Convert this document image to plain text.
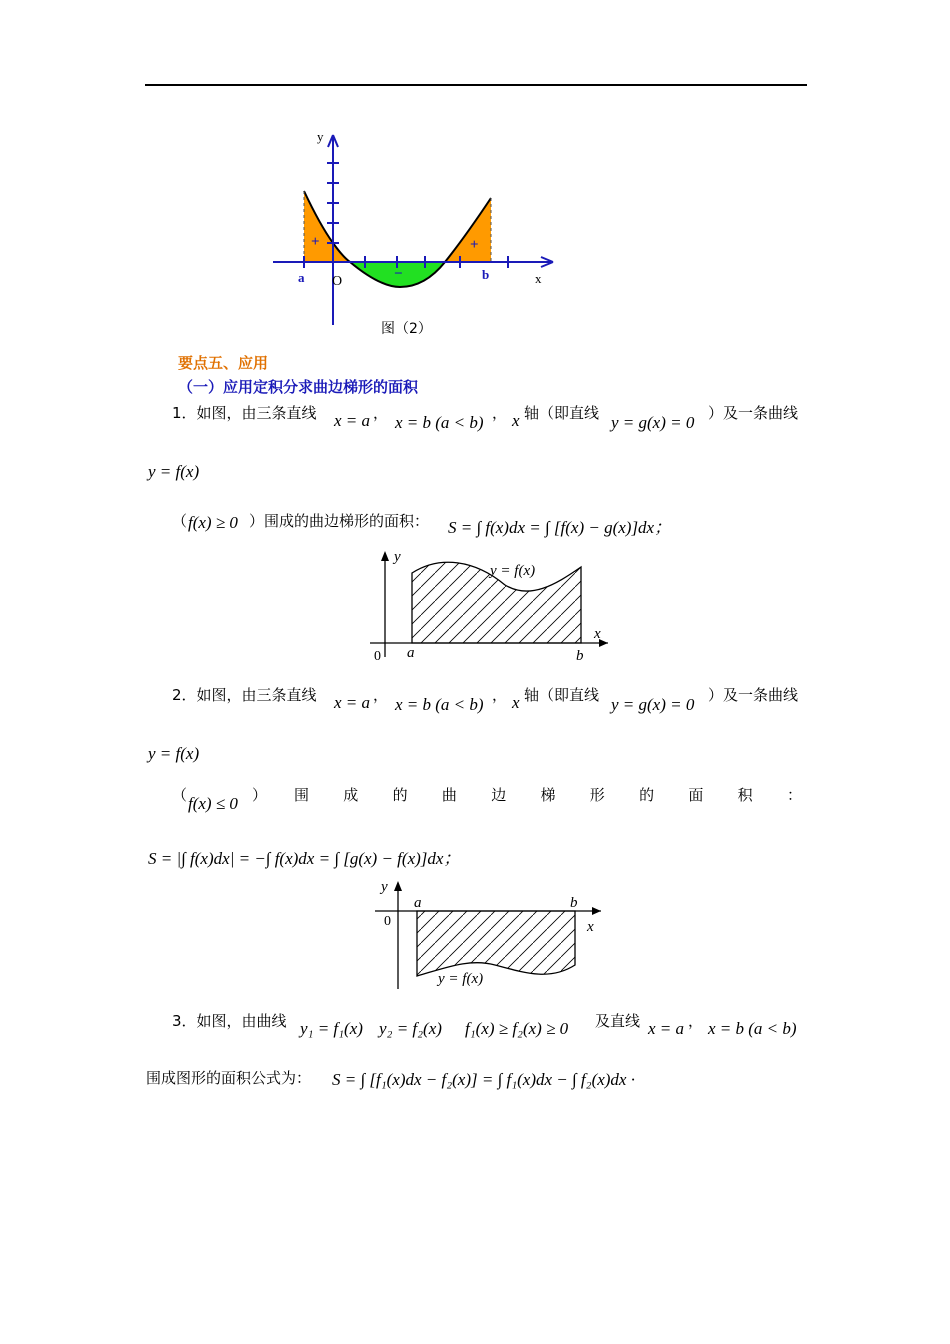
y
x
a	b
O
+	+
−
图（2）
要点五、应用
（一）应用定积分求曲边梯形的面积
1．如图，由三条直线 x = a ， x = b (a < b) ， x 轴（即直线 y = g(x) = 0 ）及一条曲线
y = f(x)
（ f(x) ≥ 0 ）围成的曲边梯形的面积： S = ∫ f(x)dx = ∫ [f(x) − g(x)]dx；
y
x
y = f(x)
0 a	b
2．如图，由三条直线 x = a ， x = b (a < b) ， x 轴（即直线 y = g(x) = 0 ）及一条曲线
y = f(x)
（ f(x) ≤ 0 ） 围 成 的 曲 边 梯 形 的 面 积 ：
S = |∫ f(x)dx| = −∫ f(x)dx = ∫ [g(x) − f(x)]dx；
y
x
y = f(x)
0
a	b
3．如图，由曲线 y₁ = f₁(x) y₂ = f₂(x) f₁(x) ≥ f₂(x) ≥ 0 及直线 x = a ， x = b (a < b)
围成图形的面积公式为： S = ∫ [f₁(x)dx − f₂(x)] = ∫ f₁(x)dx − ∫ f₂(x)dx ·
